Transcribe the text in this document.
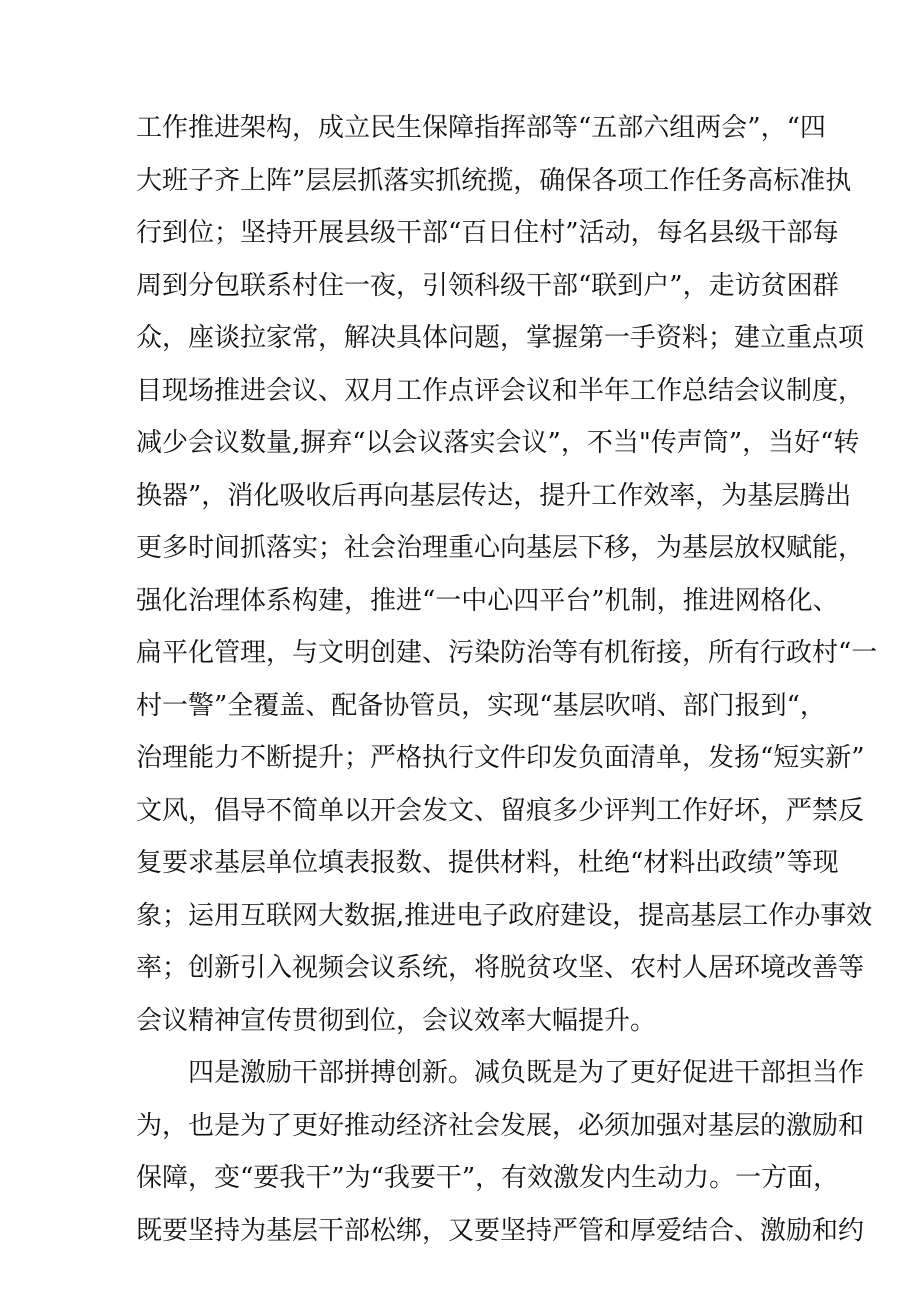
工作推进架构，成立民生保障指挥部等“五部六组两会”，“四
大班子齐上阵”层层抓落实抓统揽，确保各项工作任务高标准执
行到位；坚持开展县级干部“百日住村”活动，每名县级干部每
周到分包联系村住一夜，引领科级干部“联到户”，走访贫困群
众，座谈拉家常，解决具体问题，掌握第一手资料；建立重点项
目现场推进会议、双月工作点评会议和半年工作总结会议制度，
减少会议数量,摒弃“以会议落实会议”，不当"传声筒”，当好“转
换器”，消化吸收后再向基层传达，提升工作效率，为基层腾出
更多时间抓落实；社会治理重心向基层下移，为基层放权赋能，
强化治理体系构建，推进“一中心四平台”机制，推进网格化、
扁平化管理，与文明创建、污染防治等有机衔接，所有行政村“一
村一警”全覆盖、配备协管员，实现“基层吹哨、部门报到“，
治理能力不断提升；严格执行文件印发负面清单，发扬“短实新”
文风，倡导不简单以开会发文、留痕多少评判工作好坏，严禁反
复要求基层单位填表报数、提供材料，杜绝“材料出政绩”等现
象；运用互联网大数据,推进电子政府建设，提高基层工作办事效
率；创新引入视频会议系统，将脱贫攻坚、农村人居环境改善等
会议精神宣传贯彻到位，会议效率大幅提升。
四是激励干部拼搏创新。减负既是为了更好促进干部担当作
为，也是为了更好推动经济社会发展，必须加强对基层的激励和
保障，变“要我干”为“我要干”，有效激发内生动力。一方面，
既要坚持为基层干部松绑，又要坚持严管和厚爱结合、激励和约
